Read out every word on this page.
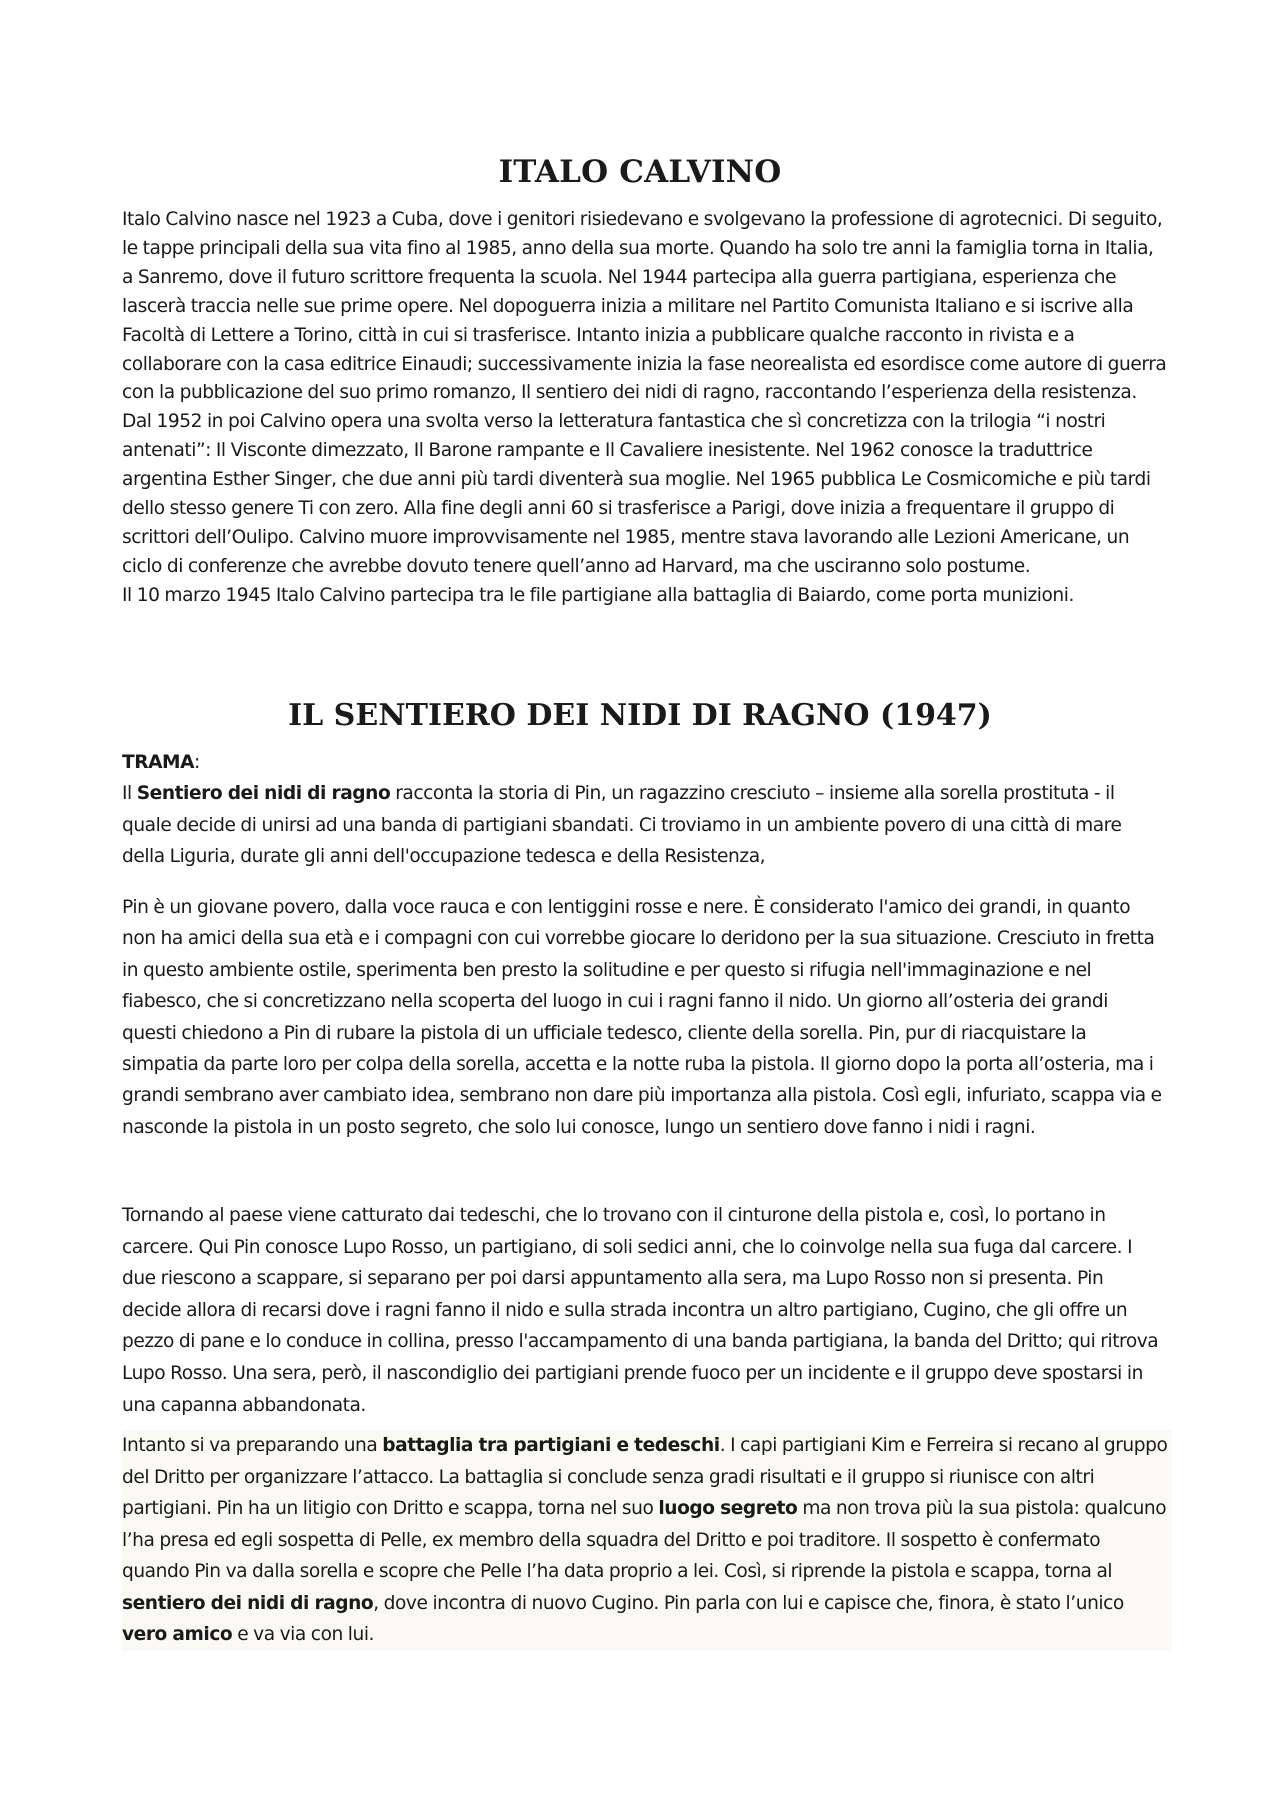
ITALO CALVINO

Italo Calvino nasce nel 1923 a Cuba, dove i genitori risiedevano e svolgevano la professione di agrotecnici. Di seguito, le tappe principali della sua vita fino al 1985, anno della sua morte. Quando ha solo tre anni la famiglia torna in Italia, a Sanremo, dove il futuro scrittore frequenta la scuola. Nel 1944 partecipa alla guerra partigiana, esperienza che lascerà traccia nelle sue prime opere. Nel dopoguerra inizia a militare nel Partito Comunista Italiano e si iscrive alla Facoltà di Lettere a Torino, città in cui si trasferisce. Intanto inizia a pubblicare qualche racconto in rivista e a collaborare con la casa editrice Einaudi; successivamente inizia la fase neorealista ed esordisce come autore di guerra con la pubblicazione del suo primo romanzo, Il sentiero dei nidi di ragno, raccontando l’esperienza della resistenza. Dal 1952 in poi Calvino opera una svolta verso la letteratura fantastica che sì concretizza con la trilogia “i nostri antenati”: Il Visconte dimezzato, Il Barone rampante e Il Cavaliere inesistente. Nel 1962 conosce la traduttrice argentina Esther Singer, che due anni più tardi diventerà sua moglie. Nel 1965 pubblica Le Cosmicomiche e più tardi dello stesso genere Ti con zero. Alla fine degli anni 60 si trasferisce a Parigi, dove inizia a frequentare il gruppo di scrittori dell’Oulipo. Calvino muore improvvisamente nel 1985, mentre stava lavorando alle Lezioni Americane, un ciclo di conferenze che avrebbe dovuto tenere quell’anno ad Harvard, ma che usciranno solo postume.

Il 10 marzo 1945 Italo Calvino partecipa tra le file partigiane alla battaglia di Baiardo, come porta munizioni.

IL SENTIERO DEI NIDI DI RAGNO (1947)
TRAMA:
Il Sentiero dei nidi di ragno racconta la storia di Pin, un ragazzino cresciuto – insieme alla sorella prostituta - il quale decide di unirsi ad una banda di partigiani sbandati. Ci troviamo in un ambiente povero di una città di mare della Liguria, durate gli anni dell'occupazione tedesca e della Resistenza,
Pin è un giovane povero, dalla voce rauca e con lentiggini rosse e nere. È considerato l'amico dei grandi, in quanto non ha amici della sua età e i compagni con cui vorrebbe giocare lo deridono per la sua situazione. Cresciuto in fretta in questo ambiente ostile, sperimenta ben presto la solitudine e per questo si rifugia nell'immaginazione e nel fiabesco, che si concretizzano nella scoperta del luogo in cui i ragni fanno il nido. Un giorno all’osteria dei grandi questi chiedono a Pin di rubare la pistola di un ufficiale tedesco, cliente della sorella. Pin, pur di riacquistare la simpatia da parte loro per colpa della sorella, accetta e la notte ruba la pistola. Il giorno dopo la porta all’osteria, ma i grandi sembrano aver cambiato idea, sembrano non dare più importanza alla pistola. Così egli, infuriato, scappa via e nasconde la pistola in un posto segreto, che solo lui conosce, lungo un sentiero dove fanno i nidi i ragni.
Tornando al paese viene catturato dai tedeschi, che lo trovano con il cinturone della pistola e, così, lo portano in carcere. Qui Pin conosce Lupo Rosso, un partigiano, di soli sedici anni, che lo coinvolge nella sua fuga dal carcere. I due riescono a scappare, si separano per poi darsi appuntamento alla sera, ma Lupo Rosso non si presenta. Pin decide allora di recarsi dove i ragni fanno il nido e sulla strada incontra un altro partigiano, Cugino, che gli offre un pezzo di pane e lo conduce in collina, presso l'accampamento di una banda partigiana, la banda del Dritto; qui ritrova Lupo Rosso. Una sera, però, il nascondiglio dei partigiani prende fuoco per un incidente e il gruppo deve spostarsi in una capanna abbandonata.
Intanto si va preparando una battaglia tra partigiani e tedeschi. I capi partigiani Kim e Ferreira si recano al gruppo del Dritto per organizzare l’attacco. La battaglia si conclude senza gradi risultati e il gruppo si riunisce con altri partigiani. Pin ha un litigio con Dritto e scappa, torna nel suo luogo segreto ma non trova più la sua pistola: qualcuno l’ha presa ed egli sospetta di Pelle, ex membro della squadra del Dritto e poi traditore. Il sospetto è confermato quando Pin va dalla sorella e scopre che Pelle l’ha data proprio a lei. Così, si riprende la pistola e scappa, torna al sentiero dei nidi di ragno, dove incontra di nuovo Cugino. Pin parla con lui e capisce che, finora, è stato l’unico vero amico e va via con lui.
